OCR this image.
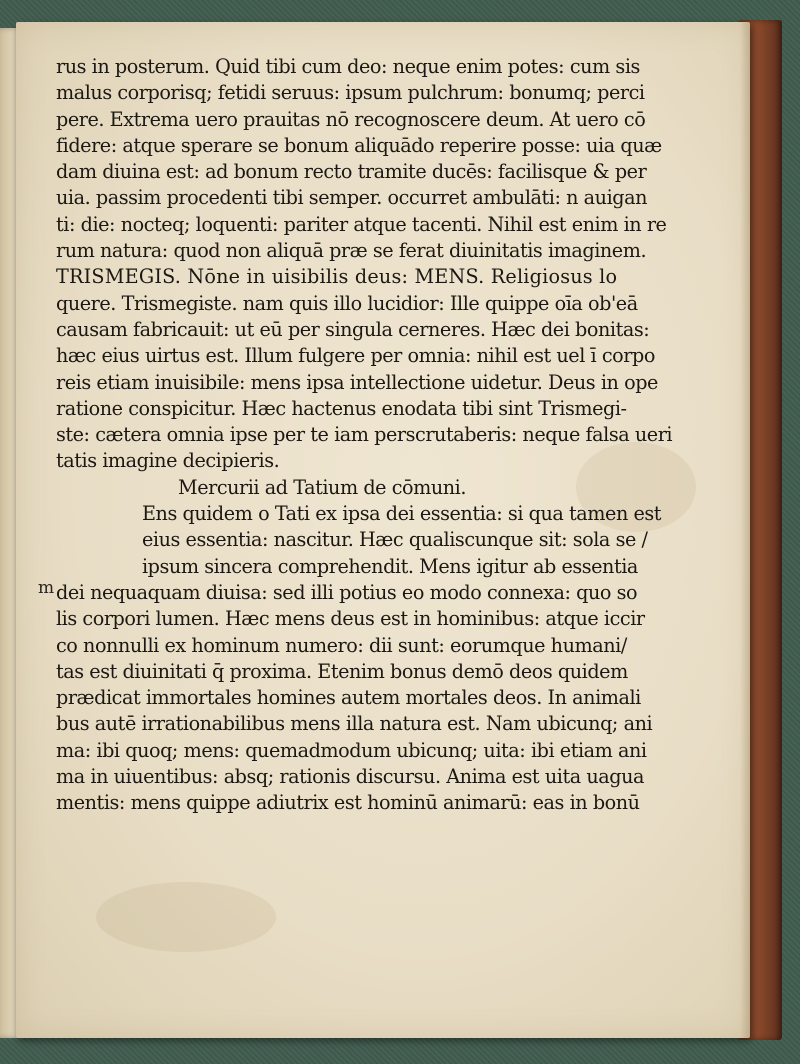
m
rus in posterum. Quid tibi cum deo: neque enim potes: cum sis
malus corporisq; fetidi seruus: ipsum pulchrum: bonumq; perci
pere. Extrema uero prauitas nō recognoscere deum. At uero cō
fidere: atque sperare se bonum aliquādo reperire posse: uia quæ
dam diuina est: ad bonum recto tramite ducēs: facilisque & per
uia. passim procedenti tibi semper. occurret ambulāti: n auigan
ti: die: nocteq; loquenti: pariter atque tacenti. Nihil est enim in re
rum natura: quod non aliquā præ se ferat diuinitatis imaginem.
TRISMEGIS. Nōne in uisibilis deus: MENS. Religiosus lo
quere. Trismegiste. nam quis illo lucidior: Ille quippe oīa ob'eā
causam fabricauit: ut eū per singula cerneres. Hæc dei bonitas:
hæc eius uirtus est. Illum fulgere per omnia: nihil est uel ī corpo
reis etiam inuisibile: mens ipsa intellectione uidetur. Deus in ope
ratione conspicitur. Hæc hactenus enodata tibi sint Trismegi-
ste: cætera omnia ipse per te iam perscrutaberis: neque falsa ueri
tatis imagine decipieris.
Mercurii ad Tatium de cōmuni.
Ens quidem o Tati ex ipsa dei essentia: si qua tamen est
eius essentia: nascitur. Hæc qualiscunque sit: sola se /
ipsum sincera comprehendit. Mens igitur ab essentia
dei nequaquam diuisa: sed illi potius eo modo connexa: quo so
lis corpori lumen. Hæc mens deus est in hominibus: atque iccir
co nonnulli ex hominum numero: dii sunt: eorumque humani/
tas est diuinitati q̄ proxima. Etenim bonus demō deos quidem
prædicat immortales homines autem mortales deos. In animali
bus autē irrationabilibus mens illa natura est. Nam ubicunq; ani
ma: ibi quoq; mens: quemadmodum ubicunq; uita: ibi etiam ani
ma in uiuentibus: absq; rationis discursu. Anima est uita uagua
mentis: mens quippe adiutrix est hominū animarū: eas in bonū
